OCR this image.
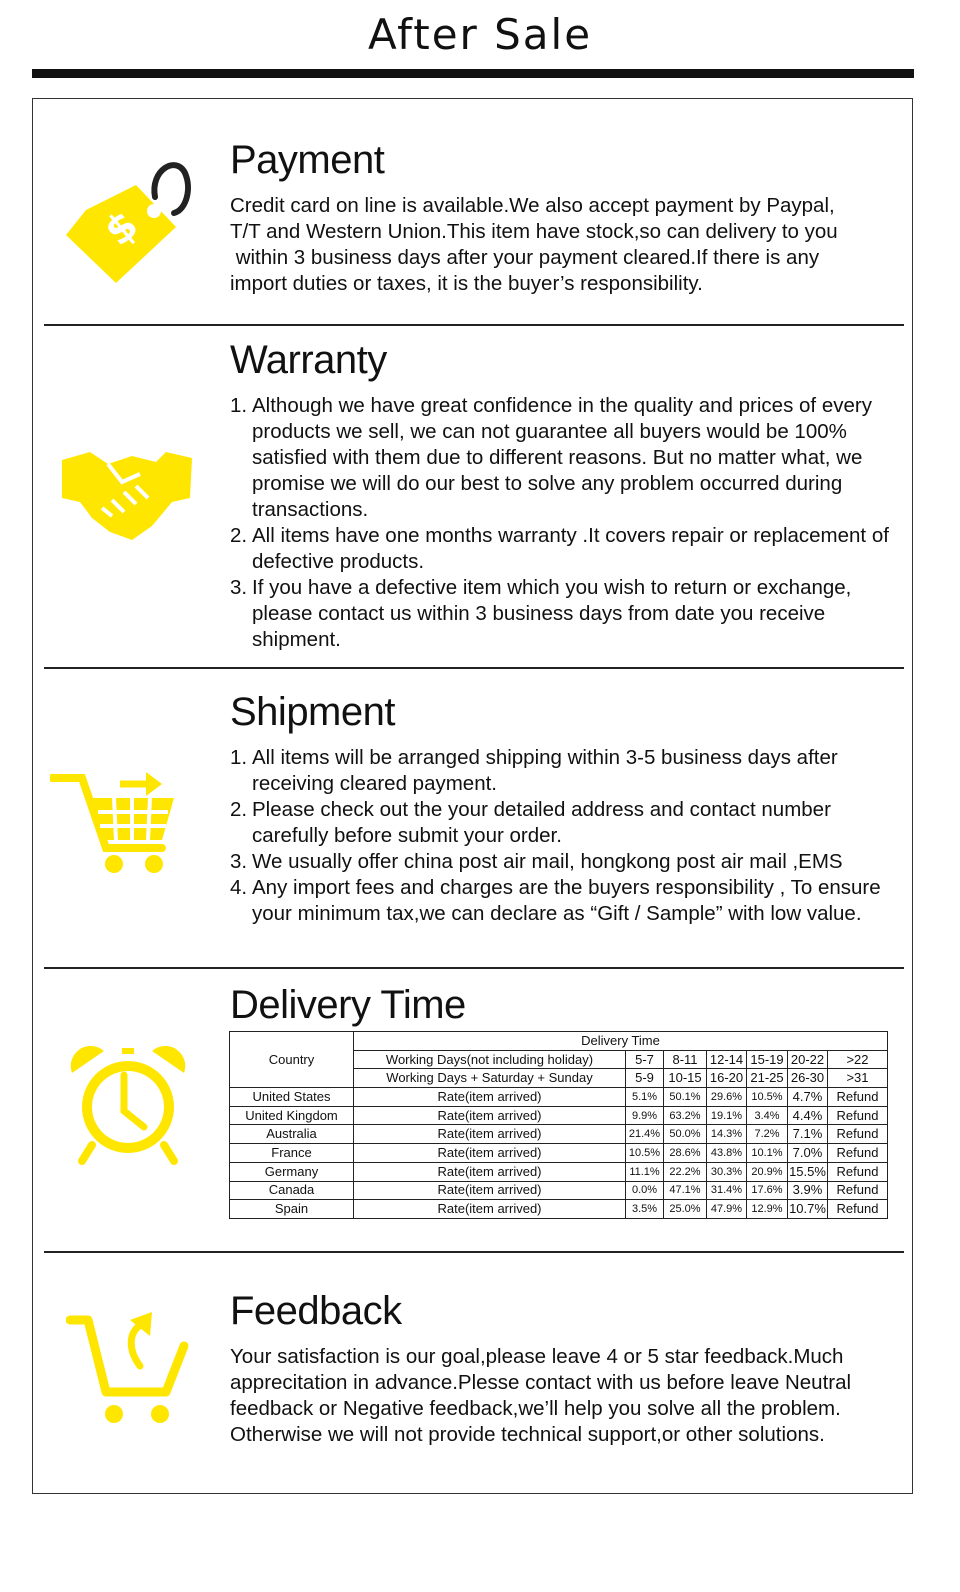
After Sale
$
Payment

Credit card on line is available.We also accept payment by Paypal,

T/T and Western Union.This item have stock,so can delivery to you

within 3 business days after your payment cleared.If there is any

import duties or taxes, it is the buyer’s responsibility.

Warranty
1. Although we have great confidence in the quality and prices of every products we sell, we can not guarantee all buyers would be 100% satisfied with them due to different reasons. But no matter what, we promise we will do our best to solve any problem occurred during transactions.
2. All items have one months warranty .It covers repair or replacement of defective products.
3. If you have a defective item which you wish to return or exchange, please contact us within 3 business days from date you receive shipment.
Shipment
1. All items will be arranged shipping within 3-5 business days after receiving cleared payment.
2. Please check out the your detailed address and contact number carefully before submit your order.
3. We usually offer china post air mail, hongkong post air mail ,EMS
4. Any import fees and charges are the buyers responsibility , To ensure your minimum tax,we can declare as “Gift / Sample” with low value.
Delivery Time
Country	Delivery Time						
	Working Days(not including holiday)	5-7	8-11	12-14	15-19	20-22	>22
	Working Days + Saturday + Sunday	5-9	10-15	16-20	21-25	26-30	>31
United States	Rate(item arrived)	5.1%	50.1%	29.6%	10.5%	4.7%	Refund
United Kingdom	Rate(item arrived)	9.9%	63.2%	19.1%	3.4%	4.4%	Refund
Australia	Rate(item arrived)	21.4%	50.0%	14.3%	7.2%	7.1%	Refund
France	Rate(item arrived)	10.5%	28.6%	43.8%	10.1%	7.0%	Refund
Germany	Rate(item arrived)	11.1%	22.2%	30.3%	20.9%	15.5%	Refund
Canada	Rate(item arrived)	0.0%	47.1%	31.4%	17.6%	3.9%	Refund
Spain	Rate(item arrived)	3.5%	25.0%	47.9%	12.9%	10.7%	Refund
Feedback

Your satisfaction is our goal,please leave 4 or 5 star feedback.Much

apprecitation in advance.Plesse contact with us before leave Neutral

feedback or Negative feedback,we’ll help you solve all the problem.

Otherwise we will not provide technical support,or other solutions.
